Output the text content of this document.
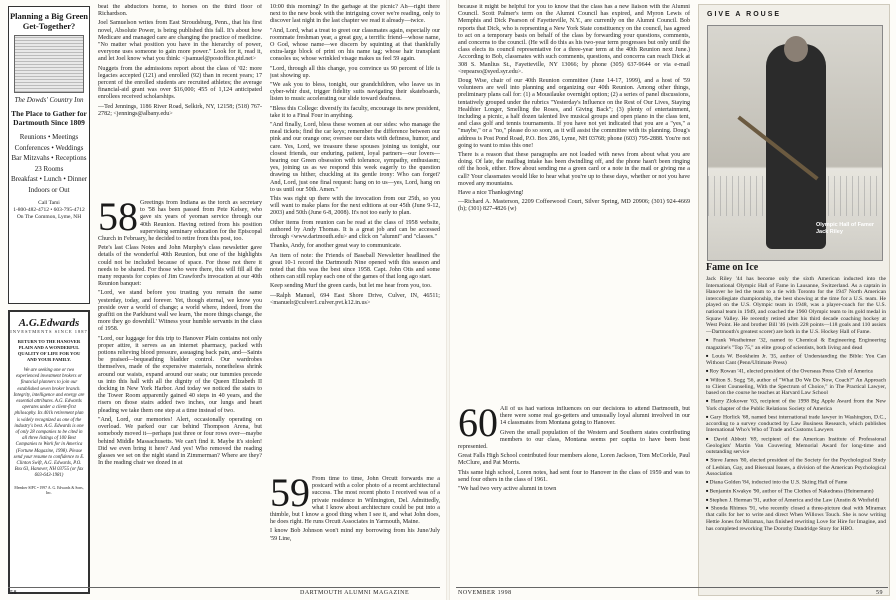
Planning a Big Green Get-Together?
The Dowds' Country Inn
The Place to Gather for Dartmouth Since 1809
Reunions • Meetings
Conferences • Weddings
Bar Mitzvahs • Receptions
23 Rooms
Breakfast • Lunch • Dinner
Indoors or Out
Call Tami
1-800-482-4712 • 603-795-4712
On The Common, Lyme, NH
A.G.Edwards
INVESTMENTS SINCE 1887
RETURN TO THE HANOVER PLAIN AND A WONDERFUL QUALITY OF LIFE FOR YOU AND YOUR FAMILY.
We are seeking one or two experienced investment brokers or financial planners to join our established seven broker branch. Integrity, intelligence and energy are essential attributes. A.G. Edwards operates under a client-first philosophy. Its 401k retirement plan is widely recognized as one of the industry's best. A.G. Edwards is one of only 28 companies to be cited in all three listings of 100 Best Companies to Work for in America (Fortune Magazine, 1998). Please send your resume to confidence to E. Clinton Swift, A.G. Edwards, P.O. Box 63, Hanover, NH 03755 (or fax 603-643-1981)
Member SIPC • 1997 A. G. Edwards & Sons, Inc.

beat the abductors home, to horses on the third floor of Richardson.

Joel Samuelson writes from East Stroudsburg, Penn., that his first novel, Absolute Power, is being published this fall. It's about how Medicare and managed care are changing the practice of medicine. "No matter what position you have in the hierarchy of power, everyone uses someone to gain more power." Look for it, read it, and let Joel know what you think: <jsamuel@postoffice.ptd.net>

Nuggets from the admissions report about the class of '02: more legacies accepted (121) and enrolled (92) than in recent years; 17 percent of the enrolled students are recruited athletes; the average financial-aid grant was over $16,000; 455 of 1,124 anticipated enrollees received scholarships.

—Ted Jennings, 1186 River Road, Selkirk, NY, 12158; (518) 767-2782; <jennings@albany.edu>

58 Greetings from Indiana as the torch as secretary to '58 has been passed from Pete Kelsey, who gave six years of yeoman service through our 40th Reunion. Having retired from his position supervising seminary education for the Episcopal Church in February, he decided to retire from this post, too.

Pete's last Class Notes and John Murphy's class newsletter gave details of the wonderful 40th Reunion, but one of the highlights could not be included because of space. For those not there it needs to be shared. For those who were there, this will fill all the many requests for copies of Jim Crawford's invocation at our 40th Reunion banquet:

"Lord, we stand before you trusting you remain the same yesterday, today, and forever. Yet, though eternal, we know you preside over a world of change; a world where, indeed, from the graffiti on the Parkhurst wall we learn, 'the more things change, the more they go downhill.' Witness your humble servants in the class of 1958.

"Lord, our luggage for this trip to Hanover Plain contains not only proper attire, it serves as an internet pharmacy, packed with potions relieving blood pressure, assuaging back pain, and—Saints be praised—bequeathing bladder control. Our wardrobes themselves, made of the expensive materials, nonetheless shrink around our waists, expand around our seats; our tummies precede us into this hall with all the dignity of the Queen Elizabeth II docking in New York Harbor. And today we noticed the stairs to the Tower Room apparently gained 40 steps in 40 years, and the risers on those stairs added two inches, our lungs and heart pleading we take them one step at a time instead of two.

"And, Lord, our memories! Alert, occasionally operating on overload. We parked our car behind Thompson Arena, but somebody moved it—perhaps just three or four rows over—maybe behind Middle Massachusetts. We can't find it. Maybe it's stolen! Did we even bring it here? And yes! Who removed the reading glasses we set on the night stand in Zimmerman? Where are they? In the reading chair we dozed in at

10:00 this morning? In the garbage at the picnic? Ah—right there next to the new book with the intriguing cover we're reading, only to discover last night in the last chapter we read it already—twice.

"And, Lord, what a treat to greet our classmates again, especially our roommate freshman year, a great guy, a terrific friend—whose name, O God, whose name—we discern by squinting at that thankfully extra-large block of print on his name tag; whose hair transplant consoles us; whose wrinkled visage makes us feel 59 again.

"Lord, through all this change, you convince us 90 percent of life is just showing up.

"We ask you to bless, tonight, our grandchildren, who leave us in cyber-whir dust, trigger fidelity suits navigating their skateboards, listen to music accelerating our slide toward deafness.

"Bless this College: diversify its faculty, encourage its new president, take it to a Final Four in anything.

"And finally, Lord, bless these women at our sides: who manage the meal tickets; find the car keys; remember the difference between our pink and our orange one; oversee our diets with deftness, humor, and care. Yes, Lord, we treasure these spouses joining us tonight, our closest friends, our enduring, patient, loyal partners—our lovers—bearing our Green obsession with tolerance, sympathy, enthusiasm; yes, joining us as we respond this week eagerly to the question drawing us hither, chuckling at its gentle irony: Who can forget? And, Lord, just one final request: hang on to us—yes, Lord, hang on to us until our 50th. Amen."

This was right up there with the invocation from our 25th, so you will want to make plans for the next editions at our 45th (June 9-12, 2003) and 50th (June 6-8, 2008). It's not too early to plan.

Other items from reunion can be read at the class of 1958 website, authored by Andy Thomas. It is a great job and can be accessed through <www.dartmouth.edu> and click on "alumni" and "classes."

Thanks, Andy, for another great way to communicate.

An item of note: the Friends of Baseball Newsletter headlined the great 10-1 record the Dartmouth Nine opened with this season and noted that this was the best since 1958. Capt. John Otis and some others can still replay each one of the games of that long ago start.

Keep sending Murf the green cards, but let me hear from you, too.

—Ralph Manuel, 694 East Shore Drive, Culver, IN, 46511; <manuelr@culver1.culver.pvt.k12.in.us>

59 From time to time, John Orcutt forwards me a postcard with a color photo of a recent architectural success. The most recent photo I received was of a private residence in Wilmington, Del. Admittedly, what I know about architecture could be put into a thimble, but I know a good thing when I see it, and what John does, he does right. He runs Orcutt Associates in Yarmouth, Maine.

I know Bob Johnson won't mind my borrowing from his June/July '59 Line,

58	DARTMOUTH ALUMNI MAGAZINE

because it might be helpful for you to know that the class has a new liaison with the Alumni Council. Scott Palmer's term on the Alumni Council has expired, and Myron Lewis of Memphis and Dick Pearson of Fayetteville, N.Y., are currently on the Alumni Council. Bob reports that Dick, who is reprsenting a New York State constituency on the council, has agreed to act on a temporary basis on behalf of the class by forwarding your questions, comments, and concerns to the council. (He will do this as his two-year term progresses but only until the class elects its council representative for a three-year term at the 40th Reunion next June.) According to Bob, classmates with such comments, questions, and concerns can reach Dick at 308 S. Manlius St., Fayetteville, NY 13066; by phone (305) 637-9644 or via e-mail <repearso@syed.syr.edu>.

Doug Wise, chair of our 40th Reunion committee (June 14-17, 1999), and a host of '59 volunteers are well into planning and organizing our 40th Reunion. Among other things, preliminary plans call for: (1) a Mousilauke overnight option; (2) a series of panel discussions, tentatively grouped under the rubrics "Yesterday's Influence on the Rest of Our Lives, Staying Healthier Longer, Smelling the Roses, and Giving Back"; (3) plenty of entertainment, including a picnic, a half dozen talented live musical groups and open piano in the class tent, and class golf and tennis tournaments. If you have not yet indicated that you are a "yes," a "maybe," or a "no," please do so soon, as it will assist the committee with its planning. Doug's address is Post Pond Road, P.O. Box 286, Lyme, NH 03768; phone (603) 795-2888. You're not going to want to miss this one!

There is a reason that these paragraphs are not loaded with news from about what you are doing. Of late, the mailbag intake has been dwindling off, and the phone hasn't been ringing off the hook, either. How about sending me a green card or a note in the mail or giving me a call? Your classmates would like to hear what you're up to these days, whether or not you have moved any mountains.

Have a nice Thanksgiving!

—Richard A. Masterson, 2209 Coffeewood Court, Silver Spring, MD 20906; (301) 924-4669 (h); (301) 827-4826 (w)

60 All of us had various influences on our decisions to attend Dartmouth, but there were some real go-getters and unusually loyal alumni involved in our 14 classmates from Montana going to Hanover.

Given the small population of the Western and Southern states contributing members to our class, Montana seems per capita to have been best represented.

Great Falls High School contributed four members alone, Loren Jackson, Tom McCorkle, Paul McClure, and Pat Morris.

This same high school, Loren notes, had sent four to Hanover in the class of 1959 and was to send four others in the class of 1961.

"We had two very active alumni in town

GIVE A ROUSE
Olympic Hall of Famer
Jack Riley
Fame on Ice

Jack Riley '44 has become only the sixth American inducted into the International Olympic Hall of Fame in Lausanne, Switzerland. As a captain in Hanover he led the team to a tie with Toronto for the 1947 North American intercollegiate championship, the best showing at the time for a U.S. team. He played on the U.S. Olympic team in 1948, was a player-coach for the U.S. national team in 1949, and coached the 1960 Olympic team to its gold medal in Squaw Valley. He recently retired after his third decade coaching hockey at West Point. He and brother Bill '46 (with 228 points—118 goals and 110 assists—Dartmouth's greatest scorer) are both in the U.S. Hockey Hall of Fame.

■ Frank Westheimer '32, named to Chemical & Engineering Engineering magazine's "Top 75," an elite group of scientists, both living and dead
■ Louis W. Bookheim Jr. '35, author of Understanding the Bible: You Can Without Cant (Penn/Ultimate Press)
■ Roy Rowan '41, elected president of the Overseas Press Club of America
■ Wilton S. Sogg '56, author of "What Do We Do Now, Coach?" An Approach to Client Counseling, With the Spectrum of Choice," in The Practical Lawyer, based on the course he teaches at Harvard Law School
■ Harry Zlokower '63, recipient of the 1998 Big Apple Award from the New York chapter of the Public Relations Society of America
■ Gary Horlick '68, named best international trade lawyer in Washington, D.C., according to a survey conducted by Law Business Research, which publishes International Who's Who of Trade and Customs Lawyers
■ David Abbott '69, recipient of the American Institute of Professional Geologists' Martin Van Couvering Memorial Award for long-time and outstanding service
■ Steve James '80, elected president of the Society for the Psychological Study of Lesbian, Gay, and Bisexual Issues, a division of the American Psychological Association
■ Diana Golden '84, inducted into the U.S. Skiing Hall of Fame
■ Benjamin Kwakye '90, author of The Clothes of Nakedness (Heinemann)
■ Stephen J. Herman '91, author of America and the Law (Anstin & Winfield)
■ Shonda Rhimes '91, who recently closed a three-picture deal with Miramax that calls for her to write and direct When Willows Touch. She is now writing Hettie Jones for Miramax, has finished rewriting Love for Hire for Imagine, and has completed reworking The Dorothy Dandridge Story for HBO.
NOVEMBER 1998	59
